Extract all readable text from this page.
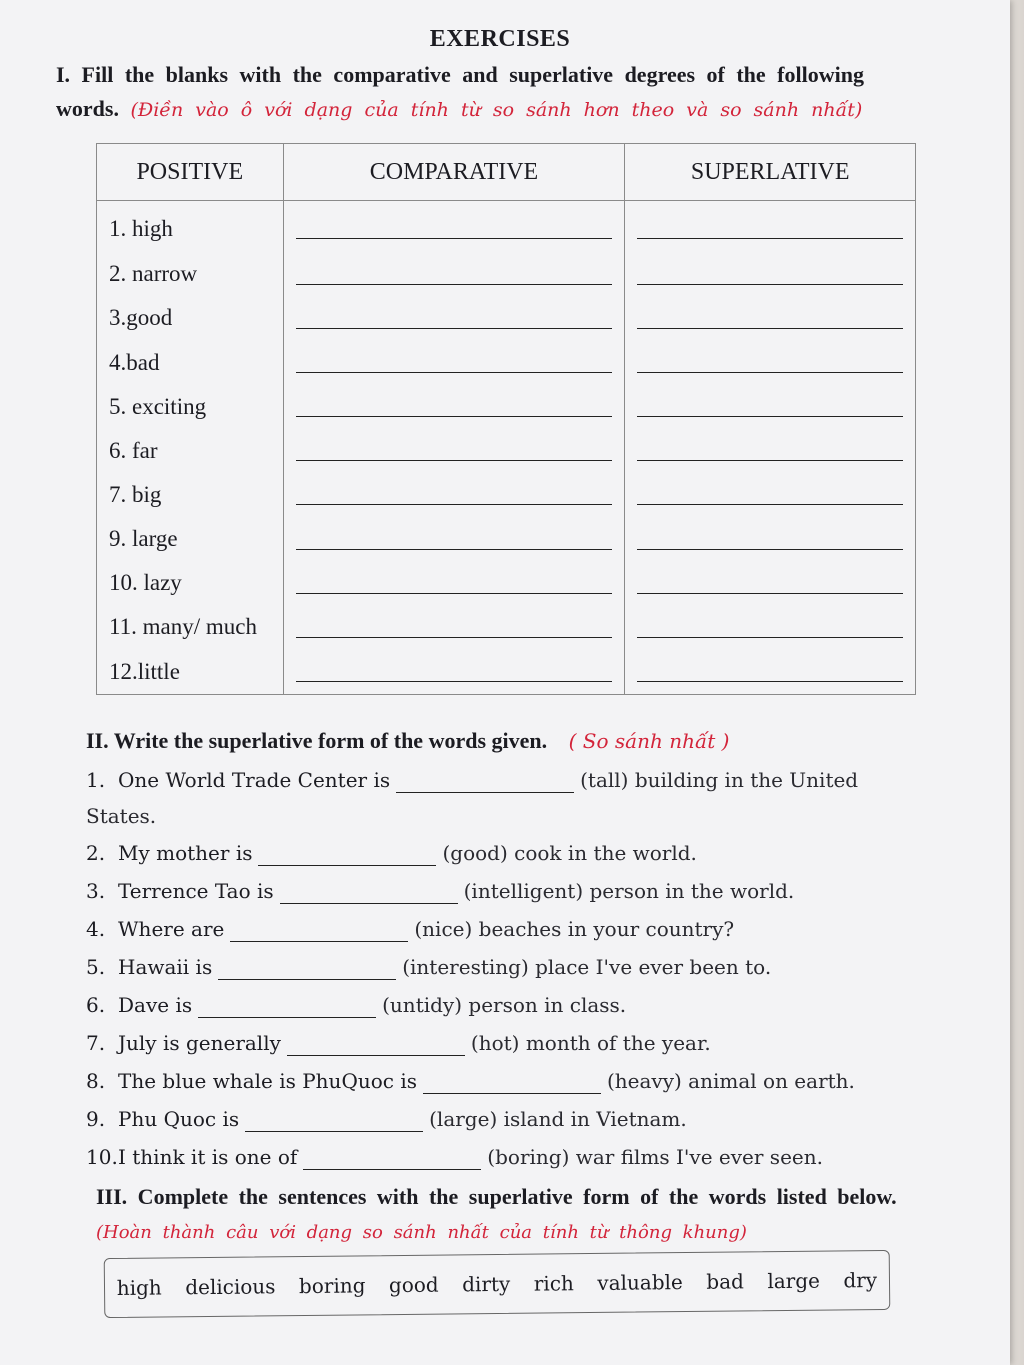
EXERCISES
I. Fill the blanks with the comparative and superlative degrees of the following words. (Điền vào ô với dạng của tính từ so sánh hơn theo và so sánh nhất)
POSITIVE	COMPARATIVE	SUPERLATIVE
1. high	

2. narrow	

3.good	

4.bad	

5. exciting	

6. far	

7. big	

9. large	

10. lazy	

11. many/ much	

12.little	

II. Write the superlative form of the words given. ( So sánh nhất )
1. One World Trade Center is	(tall) building in the United States.
2. My mother is	(good) cook in the world.
3. Terrence Tao is	(intelligent) person in the world.
4. Where are	(nice) beaches in your country?
5. Hawaii is	(interesting) place I've ever been to.
6. Dave is	(untidy) person in class.
7. July is generally	(hot) month of the year.
8. The blue whale is PhuQuoc is	(heavy) animal on earth.
9. Phu Quoc is	(large) island in Vietnam.
10.I think it is one of	(boring) war films I've ever seen.
III. Complete the sentences with the superlative form of the words listed below. (Hoàn thành câu với dạng so sánh nhất của tính từ thông khung)
high delicious boring good dirty rich valuable bad large dry
